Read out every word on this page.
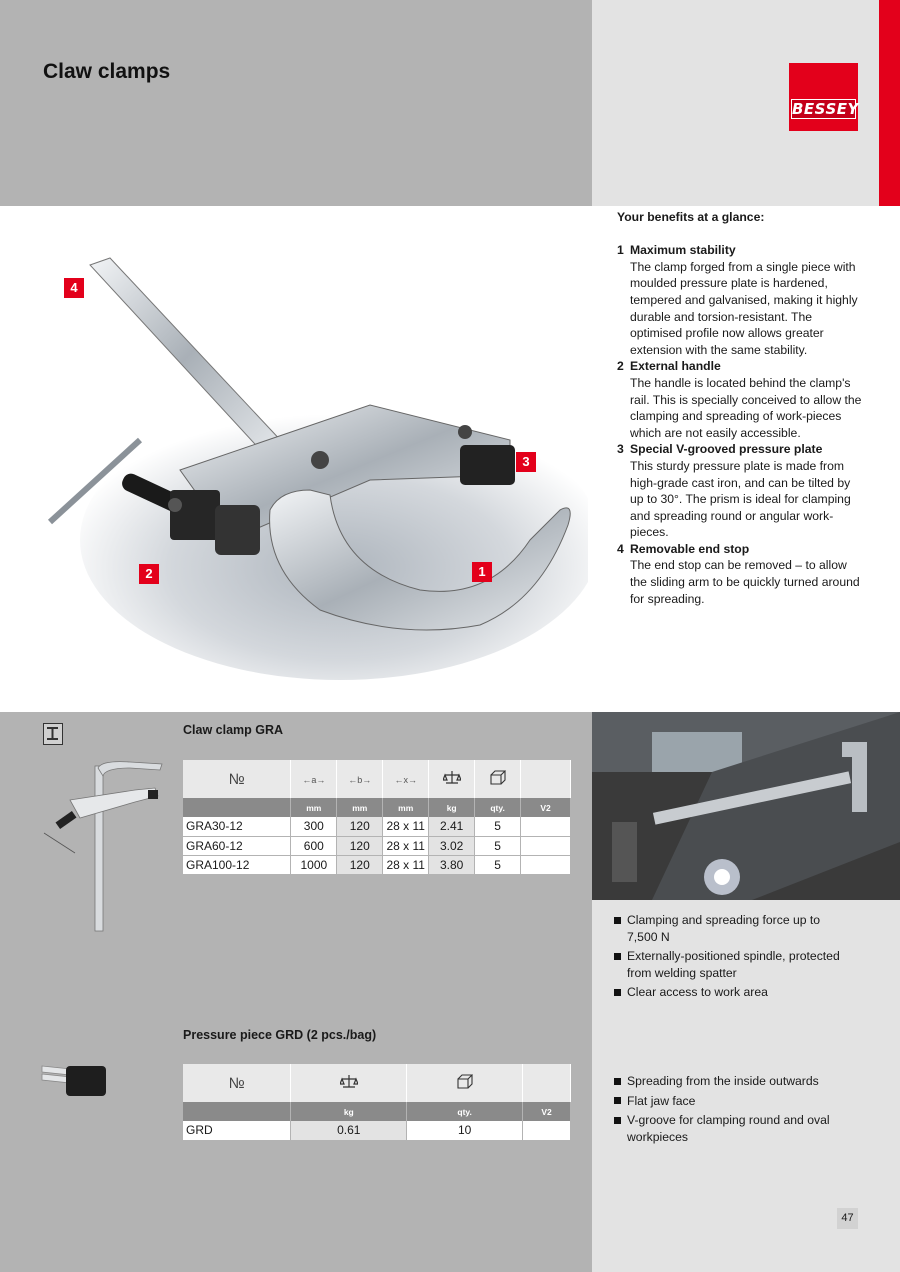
Claw clamps
BESSEY
4
3
2	1
Your benefits at a glance:
1 Maximum stability
The clamp forged from a single piece with moulded pressure plate is hardened, tempered and galvanised, making it highly durable and torsion-resistant. The optimised profile now allows greater extension with the same stability.
2 External handle
The handle is located behind the clamp's rail. This is specially conceived to allow the clamping and spreading of work-pieces which are not easily accessible.
3 Special V-grooved pressure plate
This sturdy pressure plate is made from high-grade cast iron, and can be tilted by up to 30°. The prism is ideal for clamping and spreading round or angular work-pieces.
4 Removable end stop
The end stop can be removed – to allow the sliding arm to be quickly turned around for spreading.
Claw clamp GRA
№	←a→	←b→	←x→			
	mm	mm	mm	kg	qty.	V2
GRA30-12	300	120	28 x 11	2.41	5	
GRA60-12	600	120	28 x 11	3.02	5	
GRA100-12	1000	120	28 x 11	3.80	5	
Clamping and spreading force up to 7,500 N
Externally-positioned spindle, protected from welding spatter
Clear access to work area
Pressure piece GRD (2 pcs./bag)
№			
	kg	qty.	V2
GRD	0.61	10	
Spreading from the inside outwards
Flat jaw face
V-groove for clamping round and oval workpieces
47
